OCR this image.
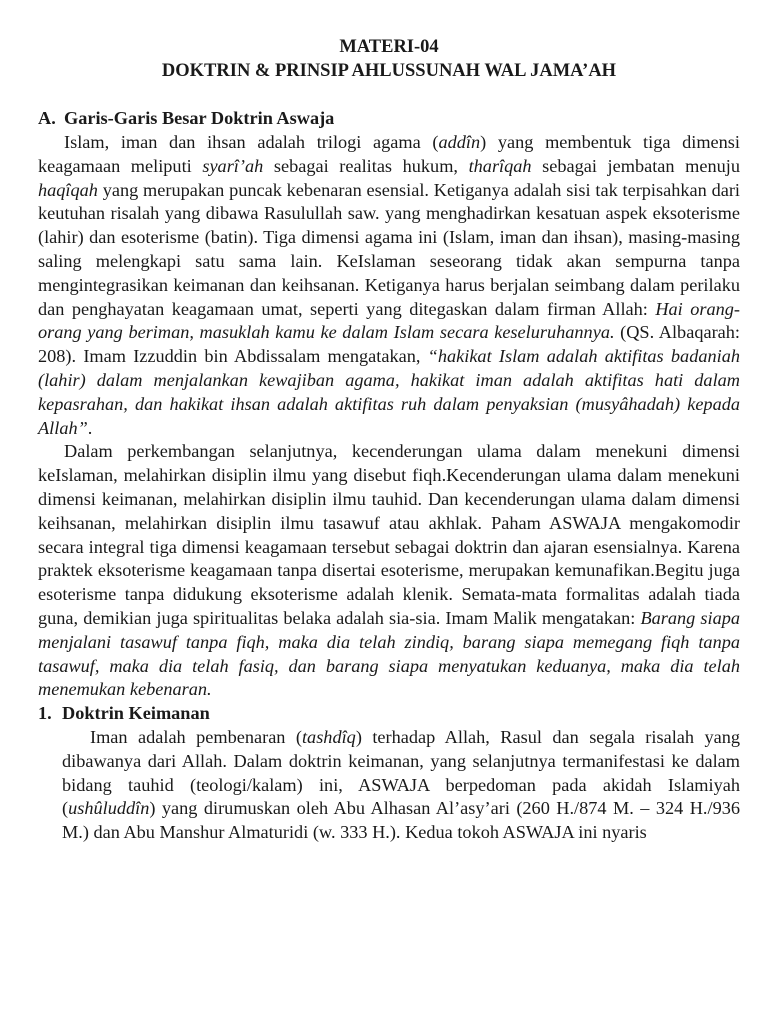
MATERI-04

DOKTRIN & PRINSIP AHLUSSUNAH WAL JAMA’AH

A. Garis-Garis Besar Doktrin Aswaja

Islam, iman dan ihsan adalah trilogi agama (addîn) yang membentuk tiga dimensi keagamaan meliputi syarî’ah sebagai realitas hukum, tharîqah sebagai jembatan menuju haqîqah yang merupakan puncak kebenaran esensial. Ketiganya adalah sisi tak terpisahkan dari keutuhan risalah yang dibawa Rasulullah saw. yang menghadirkan kesatuan aspek eksoterisme (lahir) dan esoterisme (batin). Tiga dimensi agama ini (Islam, iman dan ihsan), masing-masing saling melengkapi satu sama lain. KeIslaman seseorang tidak akan sempurna tanpa mengintegrasikan keimanan dan keihsanan. Ketiganya harus berjalan seimbang dalam perilaku dan penghayatan keagamaan umat, seperti yang ditegaskan dalam firman Allah: Hai orang-orang yang beriman, masuklah kamu ke dalam Islam secara keseluruhannya. (QS. Albaqarah: 208). Imam Izzuddin bin Abdissalam mengatakan, “hakikat Islam adalah aktifitas badaniah (lahir) dalam menjalankan kewajiban agama, hakikat iman adalah aktifitas hati dalam kepasrahan, dan hakikat ihsan adalah aktifitas ruh dalam penyaksian (musyâhadah) kepada Allah”.

Dalam perkembangan selanjutnya, kecenderungan ulama dalam menekuni dimensi keIslaman, melahirkan disiplin ilmu yang disebut fiqh.Kecenderungan ulama dalam menekuni dimensi keimanan, melahirkan disiplin ilmu tauhid. Dan kecenderungan ulama dalam dimensi keihsanan, melahirkan disiplin ilmu tasawuf atau akhlak. Paham ASWAJA mengakomodir secara integral tiga dimensi keagamaan tersebut sebagai doktrin dan ajaran esensialnya. Karena praktek eksoterisme keagamaan tanpa disertai esoterisme, merupakan kemunafikan.Begitu juga esoterisme tanpa didukung eksoterisme adalah klenik. Semata-mata formalitas adalah tiada guna, demikian juga spiritualitas belaka adalah sia-sia. Imam Malik mengatakan: Barang siapa menjalani tasawuf tanpa fiqh, maka dia telah zindiq, barang siapa memegang fiqh tanpa tasawuf, maka dia telah fasiq, dan barang siapa menyatukan keduanya, maka dia telah menemukan kebenaran.

1. Doktrin Keimanan

Iman adalah pembenaran (tashdîq) terhadap Allah, Rasul dan segala risalah yang dibawanya dari Allah. Dalam doktrin keimanan, yang selanjutnya termanifestasi ke dalam bidang tauhid (teologi/kalam) ini, ASWAJA berpedoman pada akidah Islamiyah (ushûluddîn) yang dirumuskan oleh Abu Alhasan Al’asy’ari (260 H./874 M. – 324 H./936 M.) dan Abu Manshur Almaturidi (w. 333 H.). Kedua tokoh ASWAJA ini nyaris
